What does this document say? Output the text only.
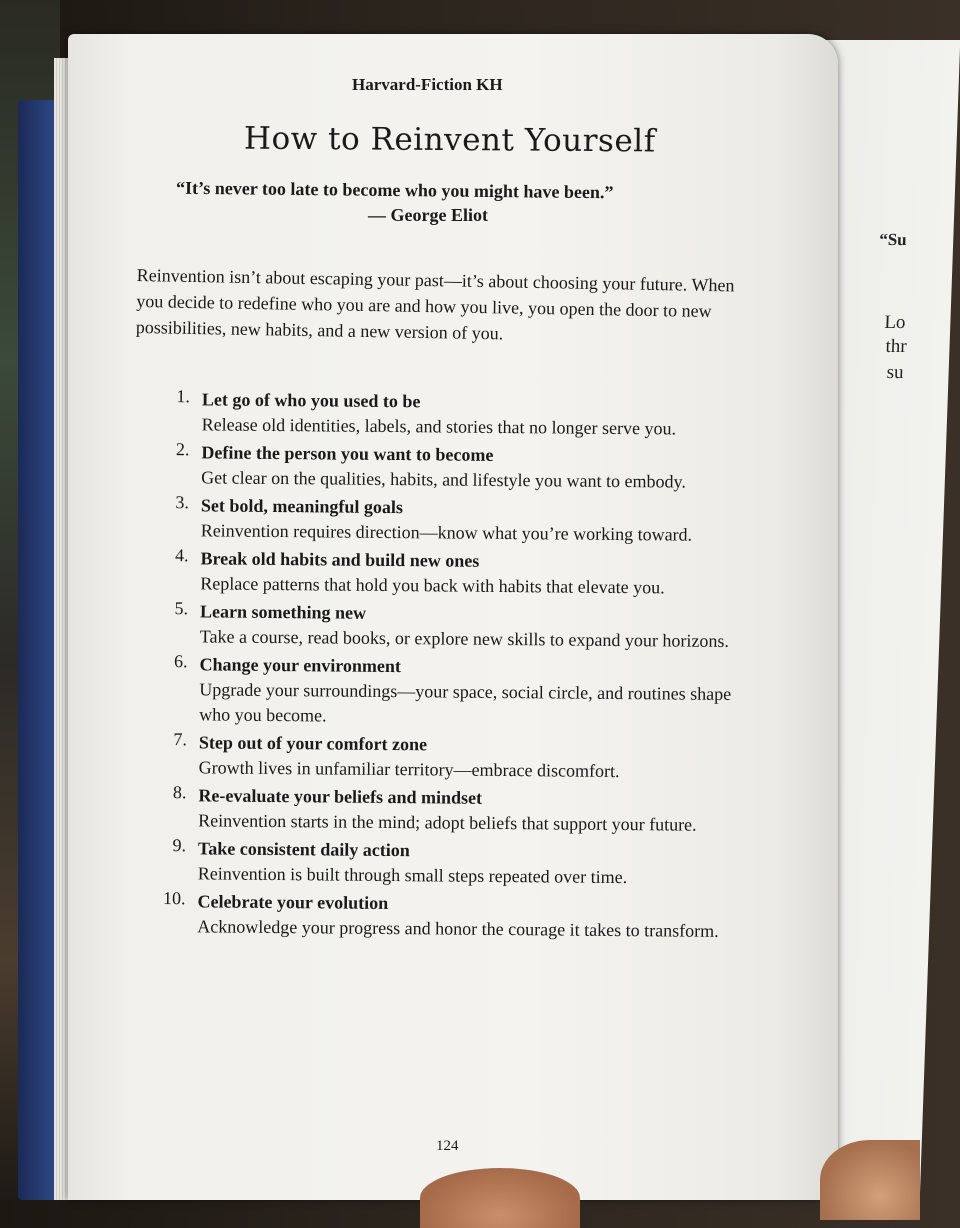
“Su
Lo
thr
su
Harvard-Fiction KH
How to Reinvent Yourself
“It’s never too late to become who you might have been.”
— George Eliot
Reinvention isn’t about escaping your past—it’s about choosing your future. When you decide to redefine who you are and how you live, you open the door to new possibilities, new habits, and a new version of you.
1. Let go of who you used to be
Release old identities, labels, and stories that no longer serve you.
2. Define the person you want to become
Get clear on the qualities, habits, and lifestyle you want to embody.
3. Set bold, meaningful goals
Reinvention requires direction—know what you’re working toward.
4. Break old habits and build new ones
Replace patterns that hold you back with habits that elevate you.
5. Learn something new
Take a course, read books, or explore new skills to expand your horizons.
6. Change your environment
Upgrade your surroundings—your space, social circle, and routines shape who you become.
7. Step out of your comfort zone
Growth lives in unfamiliar territory—embrace discomfort.
8. Re-evaluate your beliefs and mindset
Reinvention starts in the mind; adopt beliefs that support your future.
9. Take consistent daily action
Reinvention is built through small steps repeated over time.
10. Celebrate your evolution
Acknowledge your progress and honor the courage it takes to transform.
124
